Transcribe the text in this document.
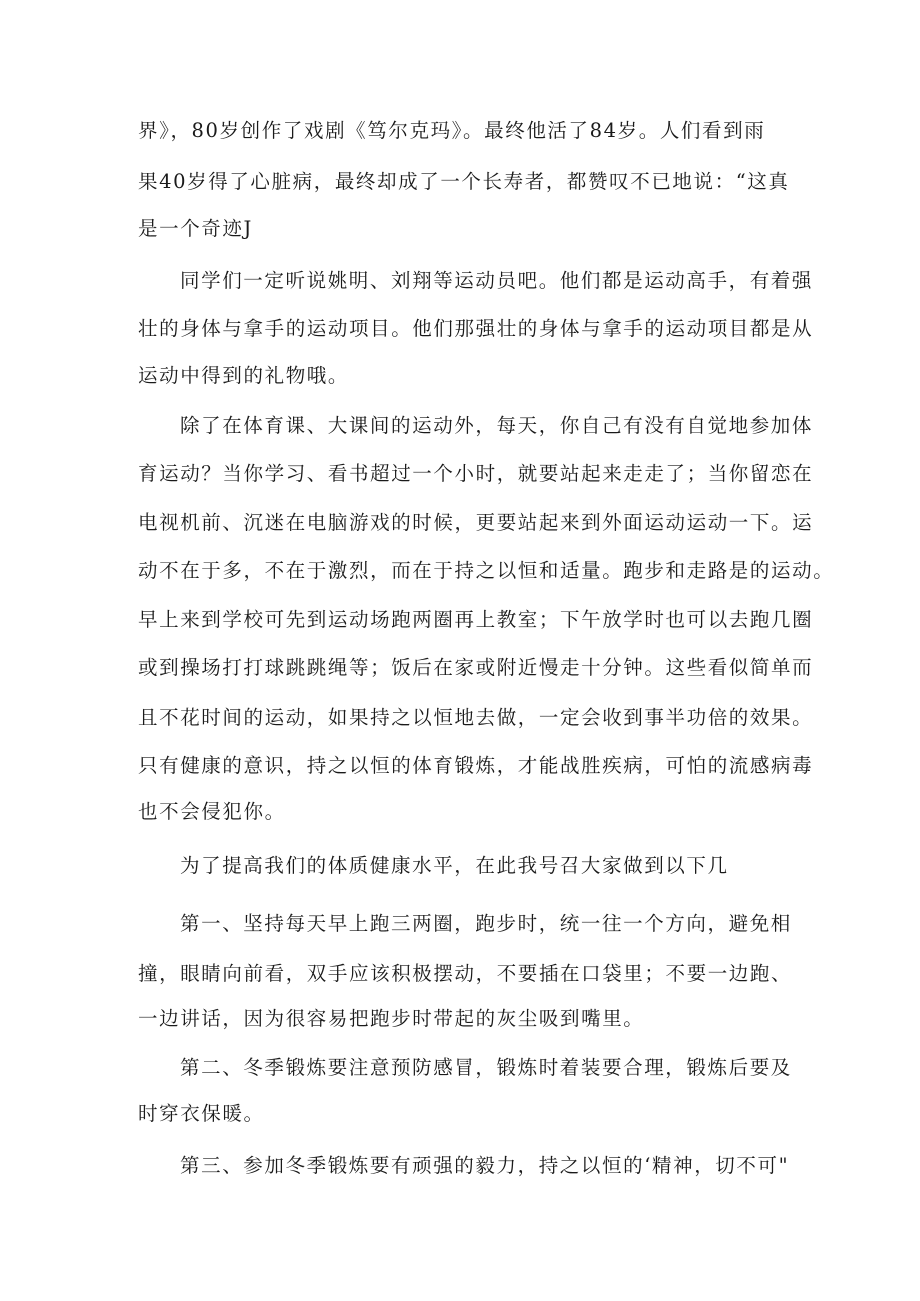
界》，80岁创作了戏剧《笃尔克玛》。最终他活了84岁。人们看到雨
果40岁得了心脏病，最终却成了一个长寿者，都赞叹不已地说：“这真
是一个奇迹J
同学们一定听说姚明、刘翔等运动员吧。他们都是运动高手，有着强
壮的身体与拿手的运动项目。他们那强壮的身体与拿手的运动项目都是从
运动中得到的礼物哦。
除了在体育课、大课间的运动外，每天，你自己有没有自觉地参加体
育运动？当你学习、看书超过一个小时，就要站起来走走了；当你留恋在
电视机前、沉迷在电脑游戏的时候，更要站起来到外面运动运动一下。运
动不在于多，不在于激烈，而在于持之以恒和适量。跑步和走路是的运动。
早上来到学校可先到运动场跑两圈再上教室；下午放学时也可以去跑几圈
或到操场打打球跳跳绳等；饭后在家或附近慢走十分钟。这些看似简单而
且不花时间的运动，如果持之以恒地去做，一定会收到事半功倍的效果。
只有健康的意识，持之以恒的体育锻炼，才能战胜疾病，可怕的流感病毒
也不会侵犯你。
为了提高我们的体质健康水平，在此我号召大家做到以下几
第一、坚持每天早上跑三两圈，跑步时，统一往一个方向，避免相
撞，眼睛向前看，双手应该积极摆动，不要插在口袋里；不要一边跑、
一边讲话，因为很容易把跑步时带起的灰尘吸到嘴里。
第二、冬季锻炼要注意预防感冒，锻炼时着装要合理，锻炼后要及
时穿衣保暖。
第三、参加冬季锻炼要有顽强的毅力，持之以恒的‘精神，切不可"
